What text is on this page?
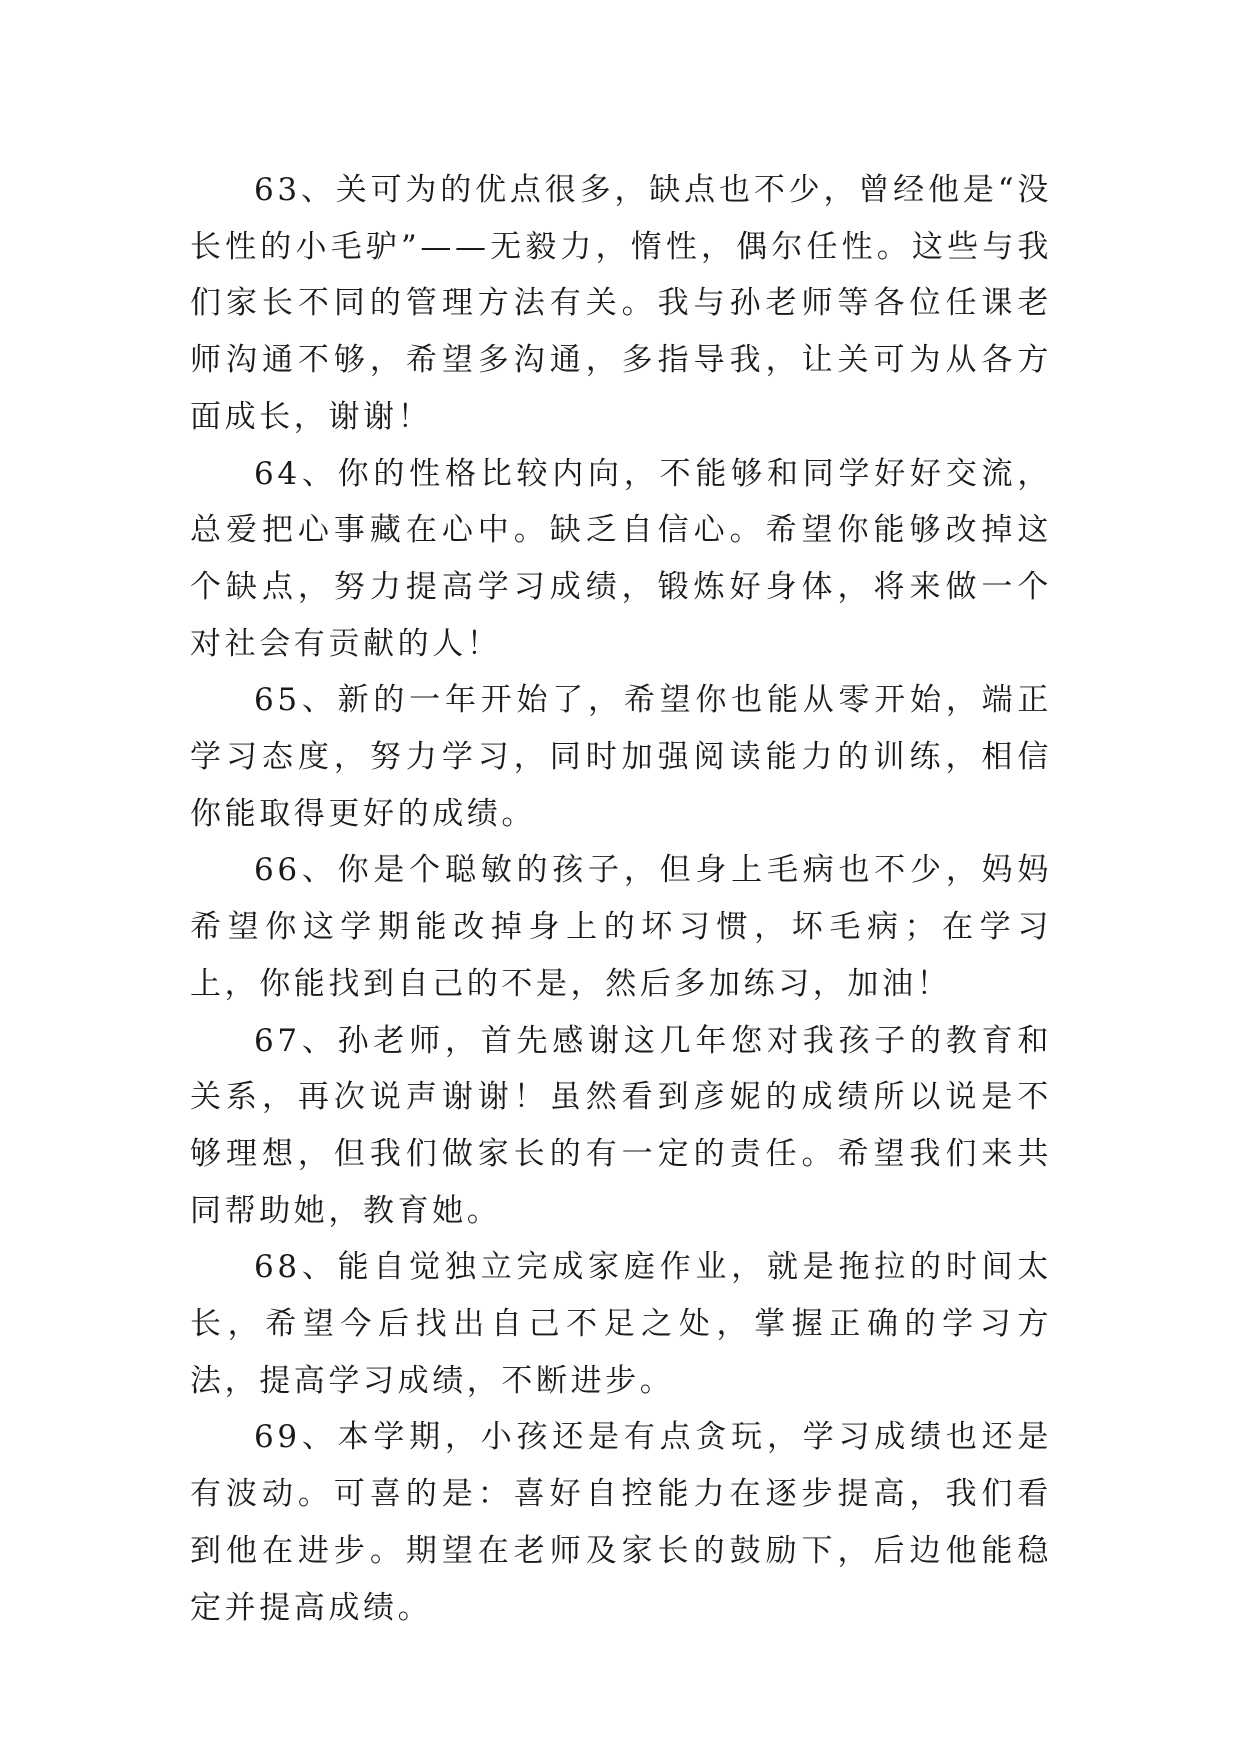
63、关可为的优点很多，缺点也不少，曾经他是“没长性的小毛驴”——无毅力，惰性，偶尔任性。这些与我们家长不同的管理方法有关。我与孙老师等各位任课老师沟通不够，希望多沟通，多指导我，让关可为从各方面成长，谢谢！

64、你的性格比较内向，不能够和同学好好交流，总爱把心事藏在心中。缺乏自信心。希望你能够改掉这个缺点，努力提高学习成绩，锻炼好身体，将来做一个对社会有贡献的人！

65、新的一年开始了，希望你也能从零开始，端正学习态度，努力学习，同时加强阅读能力的训练，相信你能取得更好的成绩。

66、你是个聪敏的孩子，但身上毛病也不少，妈妈希望你这学期能改掉身上的坏习惯，坏毛病；在学习上，你能找到自己的不是，然后多加练习，加油！

67、孙老师，首先感谢这几年您对我孩子的教育和关系，再次说声谢谢！虽然看到彦妮的成绩所以说是不够理想，但我们做家长的有一定的责任。希望我们来共同帮助她，教育她。

68、能自觉独立完成家庭作业，就是拖拉的时间太长，希望今后找出自己不足之处，掌握正确的学习方法，提高学习成绩，不断进步。

69、本学期，小孩还是有点贪玩，学习成绩也还是有波动。可喜的是：喜好自控能力在逐步提高，我们看到他在进步。期望在老师及家长的鼓励下，后边他能稳定并提高成绩。
